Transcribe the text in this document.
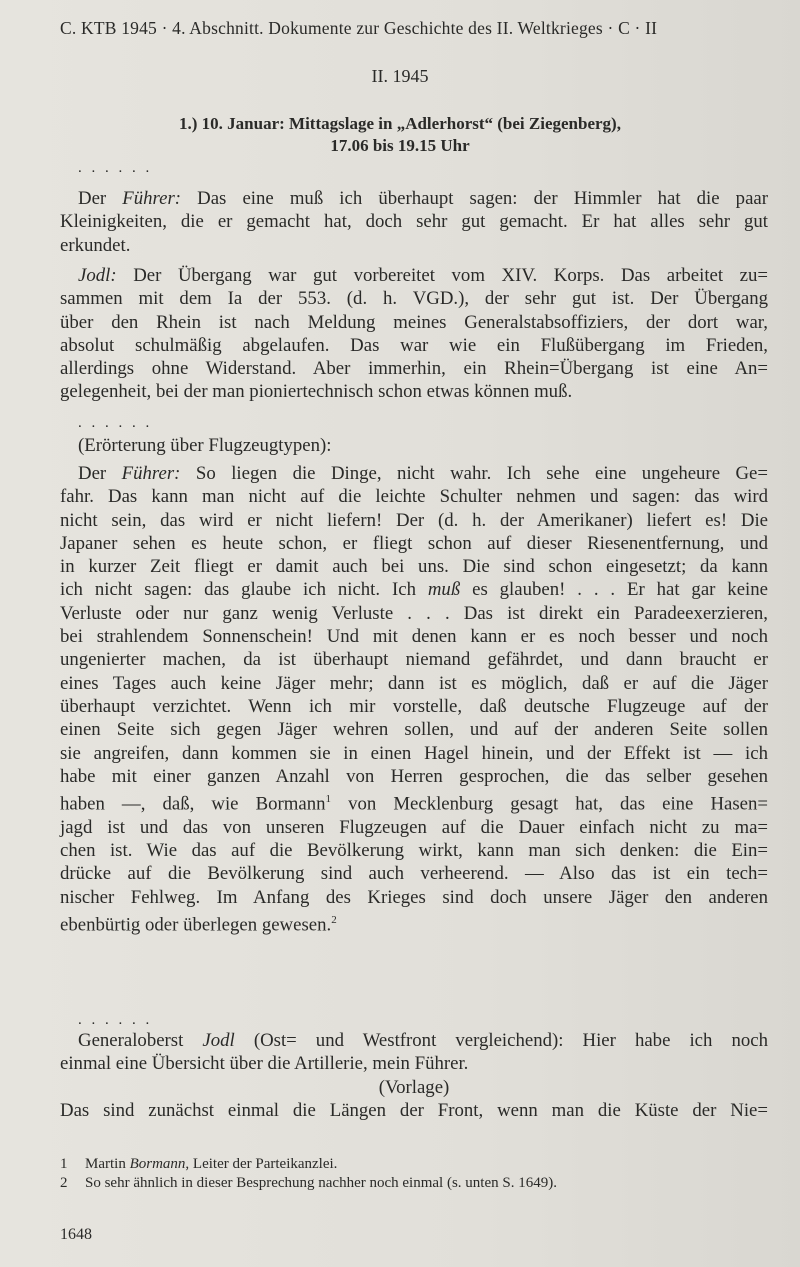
C. KTB 1945 · 4. Abschnitt. Dokumente zur Geschichte des II. Weltkrieges · C · II
II. 1945
1.) 10. Januar: Mittagslage in „Adlerhorst“ (bei Ziegenberg),
17.06 bis 19.15 Uhr
. . . . . .
Der Führer: Das eine muß ich überhaupt sagen: der Himmler hat die paar
Kleinigkeiten, die er gemacht hat, doch sehr gut gemacht. Er hat alles sehr gut
erkundet.
Jodl: Der Übergang war gut vorbereitet vom XIV. Korps. Das arbeitet zu=
sammen mit dem Ia der 553. (d. h. VGD.), der sehr gut ist. Der Übergang
über den Rhein ist nach Meldung meines Generalstabsoffiziers, der dort war,
absolut schulmäßig abgelaufen. Das war wie ein Flußübergang im Frieden,
allerdings ohne Widerstand. Aber immerhin, ein Rhein=Übergang ist eine An=
gelegenheit, bei der man pioniertechnisch schon etwas können muß.
. . . . . .
(Erörterung über Flugzeugtypen):
Der Führer: So liegen die Dinge, nicht wahr. Ich sehe eine ungeheure Ge=
fahr. Das kann man nicht auf die leichte Schulter nehmen und sagen: das wird
nicht sein, das wird er nicht liefern! Der (d. h. der Amerikaner) liefert es! Die
Japaner sehen es heute schon, er fliegt schon auf dieser Riesenentfernung, und
in kurzer Zeit fliegt er damit auch bei uns. Die sind schon eingesetzt; da kann
ich nicht sagen: das glaube ich nicht. Ich muß es glauben! . . . Er hat gar keine
Verluste oder nur ganz wenig Verluste . . . Das ist direkt ein Paradeexerzieren,
bei strahlendem Sonnenschein! Und mit denen kann er es noch besser und noch
ungenierter machen, da ist überhaupt niemand gefährdet, und dann braucht er
eines Tages auch keine Jäger mehr; dann ist es möglich, daß er auf die Jäger
überhaupt verzichtet. Wenn ich mir vorstelle, daß deutsche Flugzeuge auf der
einen Seite sich gegen Jäger wehren sollen, und auf der anderen Seite sollen
sie angreifen, dann kommen sie in einen Hagel hinein, und der Effekt ist — ich
habe mit einer ganzen Anzahl von Herren gesprochen, die das selber gesehen
haben —, daß, wie Bormann$^1$ von Mecklenburg gesagt hat, das eine Hasen=
jagd ist und das von unseren Flugzeugen auf die Dauer einfach nicht zu ma=
chen ist. Wie das auf die Bevölkerung wirkt, kann man sich denken: die Ein=
drücke auf die Bevölkerung sind auch verheerend. — Also das ist ein tech=
nischer Fehlweg. Im Anfang des Krieges sind doch unsere Jäger den anderen
ebenbürtig oder überlegen gewesen.$^2$
. . . . . .
Generaloberst Jodl (Ost= und Westfront vergleichend): Hier habe ich noch
einmal eine Übersicht über die Artillerie, mein Führer.
(Vorlage)
Das sind zunächst einmal die Längen der Front, wenn man die Küste der Nie=
1 Martin Bormann, Leiter der Parteikanzlei.
2 So sehr ähnlich in dieser Besprechung nachher noch einmal (s. unten S. 1649).
1648
